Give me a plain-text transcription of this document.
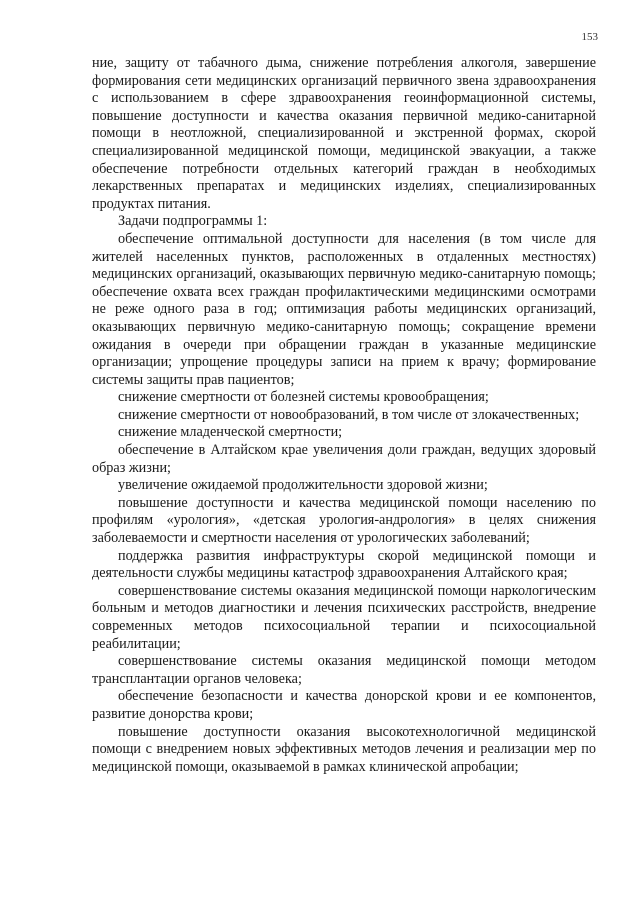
153

ние, защиту от табачного дыма, снижение потребления алкоголя, завершение формирования сети медицинских организаций первичного звена здравоохранения с использованием в сфере здравоохранения геоинформационной системы, повышение доступности и качества оказания первичной медико-санитарной помощи в неотложной, специализированной и экстренной формах, скорой специализированной медицинской помощи, медицинской эвакуации, а также обеспечение потребности отдельных категорий граждан в необходимых лекарственных препаратах и медицинских изделиях, специализированных продуктах питания.

Задачи подпрограммы 1:

обеспечение оптимальной доступности для населения (в том числе для жителей населенных пунктов, расположенных в отдаленных местностях) медицинских организаций, оказывающих первичную медико-санитарную помощь; обеспечение охвата всех граждан профилактическими медицинскими осмотрами не реже одного раза в год; оптимизация работы медицинских организаций, оказывающих первичную медико-санитарную помощь; сокращение времени ожидания в очереди при обращении граждан в указанные медицинские организации; упрощение процедуры записи на прием к врачу; формирование системы защиты прав пациентов;

снижение смертности от болезней системы кровообращения;

снижение смертности от новообразований, в том числе от злокачественных;

снижение младенческой смертности;

обеспечение в Алтайском крае увеличения доли граждан, ведущих здоровый образ жизни;

увеличение ожидаемой продолжительности здоровой жизни;

повышение доступности и качества медицинской помощи населению по профилям «урология», «детская урология-андрология» в целях снижения заболеваемости и смертности населения от урологических заболеваний;

поддержка развития инфраструктуры скорой медицинской помощи и деятельности службы медицины катастроф здравоохранения Алтайского края;

совершенствование системы оказания медицинской помощи наркологическим больным и методов диагностики и лечения психических расстройств, внедрение современных методов психосоциальной терапии и психосоциальной реабилитации;

совершенствование системы оказания медицинской помощи методом трансплантации органов человека;

обеспечение безопасности и качества донорской крови и ее компонентов, развитие донорства крови;

повышение доступности оказания высокотехнологичной медицинской помощи с внедрением новых эффективных методов лечения и реализации мер по медицинской помощи, оказываемой в рамках клинической апробации;
